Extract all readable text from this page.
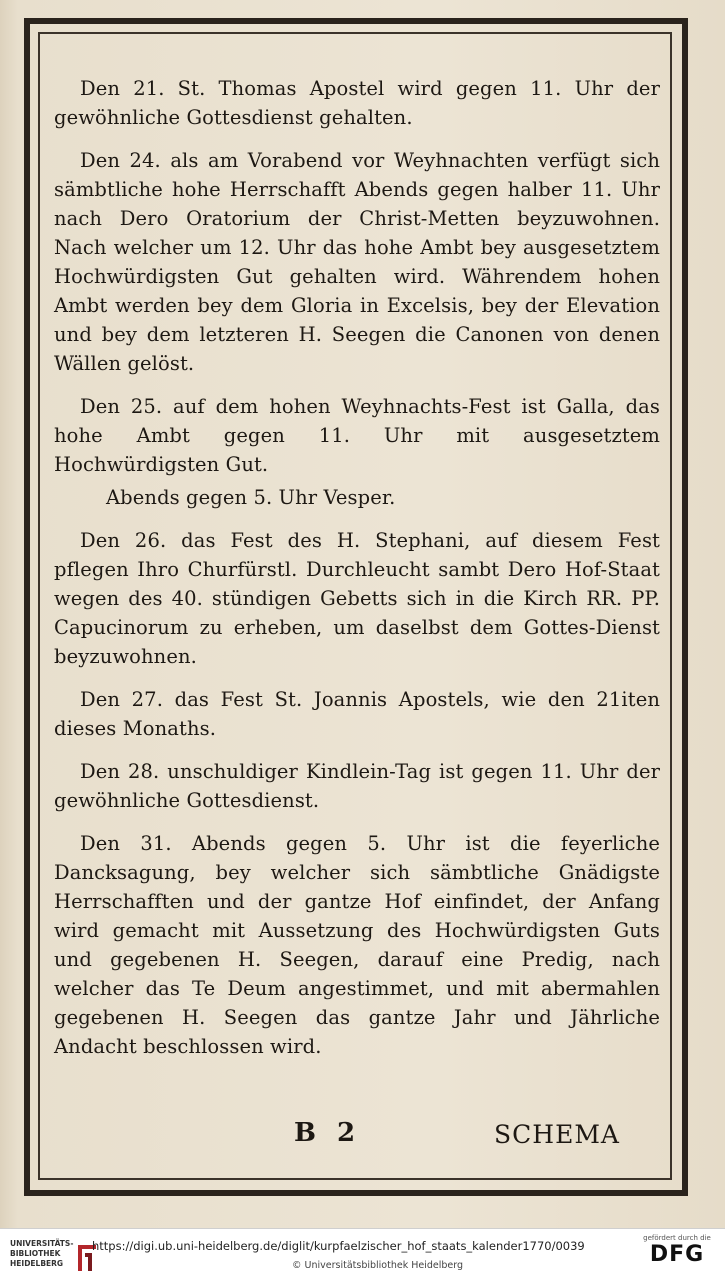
Den 21. St. Thomas Apostel wird gegen 11. Uhr der gewöhnliche Gottesdienst gehalten.

Den 24. als am Vorabend vor Weyhnachten verfügt sich sämbtliche hohe Herrschafft Abends gegen halber 11. Uhr nach Dero Oratorium der Christ-Metten beyzuwohnen. Nach welcher um 12. Uhr das hohe Ambt bey ausgesetztem Hochwürdigsten Gut gehalten wird. Währendem hohen Ambt werden bey dem Gloria in Excelsis, bey der Elevation und bey dem letzteren H. Seegen die Canonen von denen Wällen gelöst.

Den 25. auf dem hohen Weyhnachts-Fest ist Galla, das hohe Ambt gegen 11. Uhr mit ausgesetztem Hochwürdigsten Gut.

Abends gegen 5. Uhr Vesper.

Den 26. das Fest des H. Stephani, auf diesem Fest pflegen Ihro Churfürstl. Durchleucht sambt Dero Hof-Staat wegen des 40. stündigen Gebetts sich in die Kirch RR. PP. Capucinorum zu erheben, um daselbst dem Gottes-Dienst beyzuwohnen.

Den 27. das Fest St. Joannis Apostels, wie den 21iten dieses Monaths.

Den 28. unschuldiger Kindlein-Tag ist gegen 11. Uhr der gewöhnliche Gottesdienst.

Den 31. Abends gegen 5. Uhr ist die feyerliche Dancksagung, bey welcher sich sämbtliche Gnädigste Herrschafften und der gantze Hof einfindet, der Anfang wird gemacht mit Aussetzung des Hochwürdigsten Guts und gegebenen H. Seegen, darauf eine Predig, nach welcher das Te Deum angestimmet, und mit abermahlen gegebenen H. Seegen das gantze Jahr und Jährliche Andacht beschlossen wird.

B 2	SCHEMA
UNIVERSITÄTS-
BIBLIOTHEK
HEIDELBERG
https://digi.ub.uni-heidelberg.de/diglit/kurpfaelzischer_hof_staats_kalender1770/0039
© Universitätsbibliothek Heidelberg
gefördert durch die
DFG
